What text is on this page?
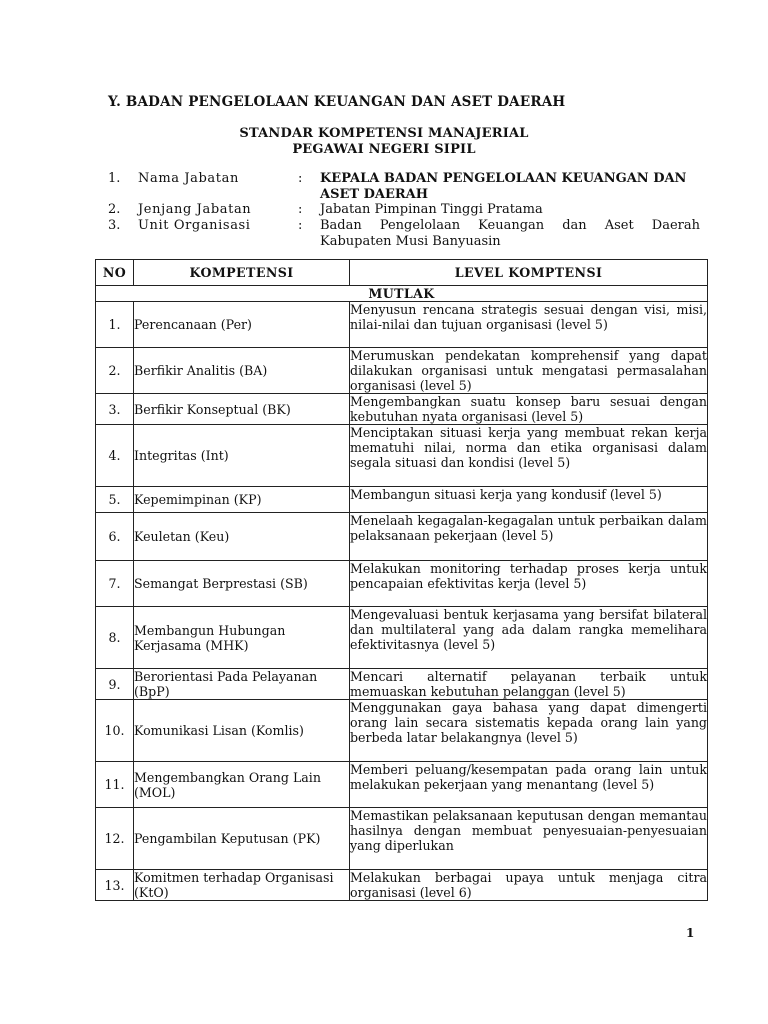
Y. BADAN PENGELOLAAN KEUANGAN DAN ASET DAERAH
STANDAR KOMPETENSI MANAJERIAL
PEGAWAI NEGERI SIPIL
1. Nama Jabatan	: KEPALA BADAN PENGELOLAAN KEUANGAN DAN ASET DAERAH
2. Jenjang Jabatan	: Jabatan Pimpinan Tinggi Pratama
3. Unit Organisasi	: Badan Pengelolaan Keuangan dan Aset Daerah Kabupaten Musi Banyuasin
NO	KOMPETENSI	LEVEL KOMPTENSI
MUTLAK		
1.	Perencanaan (Per)	Menyusun rencana strategis sesuai dengan visi, misi, nilai-nilai dan tujuan organisasi (level 5)
2.	Berfikir Analitis (BA)	Merumuskan pendekatan komprehensif yang dapat dilakukan organisasi untuk mengatasi permasalahan organisasi (level 5)
3.	Berfikir Konseptual (BK)	Mengembangkan suatu konsep baru sesuai dengan kebutuhan nyata organisasi (level 5)
4.	Integritas (Int)	Menciptakan situasi kerja yang membuat rekan kerja mematuhi nilai, norma dan etika organisasi dalam segala situasi dan kondisi (level 5)
5.	Kepemimpinan (KP)	Membangun situasi kerja yang kondusif (level 5)
6.	Keuletan (Keu)	Menelaah kegagalan-kegagalan untuk perbaikan dalam pelaksanaan pekerjaan (level 5)
7.	Semangat Berprestasi (SB)	Melakukan monitoring terhadap proses kerja untuk pencapaian efektivitas kerja (level 5)
8.	Membangun Hubungan Kerjasama (MHK)	Mengevaluasi bentuk kerjasama yang bersifat bilateral dan multilateral yang ada dalam rangka memelihara efektivitasnya (level 5)
9.	Berorientasi Pada Pelayanan (BpP)	Mencari alternatif pelayanan terbaik untuk memuaskan kebutuhan pelanggan (level 5)
10.	Komunikasi Lisan (Komlis)	Menggunakan gaya bahasa yang dapat dimengerti orang lain secara sistematis kepada orang lain yang berbeda latar belakangnya (level 5)
11.	Mengembangkan Orang Lain (MOL)	Memberi peluang/kesempatan pada orang lain untuk melakukan pekerjaan yang menantang (level 5)
12.	Pengambilan Keputusan (PK)	Memastikan pelaksanaan keputusan dengan memantau hasilnya dengan membuat penyesuaian-penyesuaian yang diperlukan
13.	Komitmen terhadap Organisasi (KtO)	Melakukan berbagai upaya untuk menjaga citra organisasi (level 6)
1
